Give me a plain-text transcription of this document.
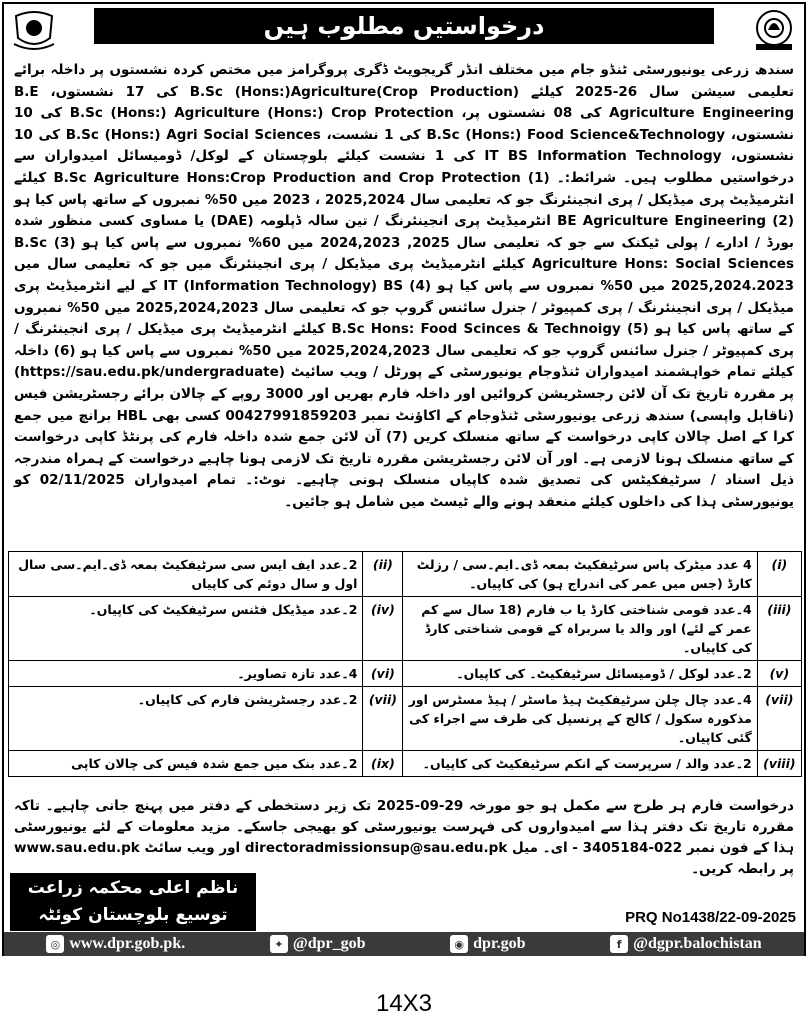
درخواستیں مطلوب ہیں

سندھ زرعی یونیورسٹی ٹنڈو جام میں مختلف انڈر گریجویٹ ڈگری پروگرامز میں مختص کردہ نشستوں پر داخلہ برائے تعلیمی سیشن سال 26-2025 کیلئے B.Sc (Hons:)Agriculture(Crop Production) کی 17 نشستوں، B.E Agriculture Engineering کی 08 نشستوں پر، B.Sc (Hons:) Agriculture (Hons:) Crop Protection کی 10 نشستوں، B.Sc (Hons:) Food Science&Technology کی 1 نشست، B.Sc (Hons:) Agri Social Sciences کی 10 نشستوں، IT BS Information Technology کی 1 نشست کیلئے بلوچستان کے لوکل/ ڈومیسائل امیدواران سے درخواستیں مطلوب ہیں۔ شرائط:۔ (1) B.Sc Agriculture Hons:Crop Production and Crop Protection کیلئے انٹرمیڈیٹ پری میڈیکل / پری انجینئرنگ جو کہ تعلیمی سال 2025,2024 ، 2023 میں 50% نمبروں کے ساتھ پاس کیا ہو (2) BE Agriculture Engineering انٹرمیڈیٹ پری انجینئرنگ / تین سالہ ڈپلومہ (DAE) یا مساوی کسی منظور شدہ بورڈ / ادارے / پولی ٹیکنک سے جو کہ تعلیمی سال 2025, 2024,2023 میں 60% نمبروں سے پاس کیا ہو (3) B.Sc Agriculture Hons: Social Sciences کیلئے انٹرمیڈیٹ پری میڈیکل / پری انجینئرنگ میں جو کہ تعلیمی سال میں 2025,2024.2023 میں 50% نمبروں سے پاس کیا ہو (4) IT (Information Technology) BS کے لیے انٹرمیڈیٹ پری میڈیکل / پری انجینئرنگ / پری کمپیوٹر / جنرل سائنس گروپ جو کہ تعلیمی سال 2025,2024,2023 میں 50% نمبروں کے ساتھ پاس کیا ہو (5) B.Sc Hons: Food Scinces & Technoigy کیلئے انٹرمیڈیٹ پری میڈیکل / پری انجینئرنگ / پری کمپیوٹر / جنرل سائنس گروپ جو کہ تعلیمی سال 2025,2024,2023 میں 50% نمبروں سے پاس کیا ہو (6) داخلہ کیلئے تمام خواہشمند امیدواران ٹنڈوجام یونیورسٹی کے پورٹل / ویب سائیٹ (https://sau.edu.pk/undergraduate) پر مقررہ تاریخ تک آن لائن رجسٹریشن کروائیں اور داخلہ فارم بھریں اور 3000 روپے کے چالان برائے رجسٹریشن فیس (ناقابل واپسی) سندھ زرعی یونیورسٹی ٹنڈوجام کے اکاؤنٹ نمبر 00427991859203 کسی بھی HBL برانچ میں جمع کرا کے اصل چالان کاپی درخواست کے ساتھ منسلک کریں (7) آن لائن جمع شدہ داخلہ فارم کی پرنٹڈ کاپی درخواست کے ساتھ منسلک ہونا لازمی ہے۔ اور آن لائن رجسٹریشن مقررہ تاریخ تک لازمی ہونا چاہیے درخواست کے ہمراہ مندرجہ ذیل اسناد / سرٹیفکیٹس کی تصدیق شدہ کاپیاں منسلک ہونی چاہیے۔ نوٹ:۔ تمام امیدواران 02/11/2025 کو یونیورسٹی ہذا کی داخلوں کیلئے منعقد ہونے والے ٹیسٹ میں شامل ہو جائیں۔

(i)	4 عدد میٹرک پاس سرٹیفکیٹ بمعہ ڈی۔ایم۔سی / رزلٹ کارڈ (جس میں عمر کی اندراج ہو) کی کاپیاں۔	(ii)	2۔عدد ایف ایس سی سرٹیفکیٹ بمعہ ڈی۔ایم۔سی سال اول و سال دوئم کی کاپیاں
(iii)	4۔عدد قومی شناختی کارڈ یا ب فارم (18 سال سے کم عمر کے لئے) اور والد یا سربراہ کے قومی شناختی کارڈ کی کاپیاں۔	(iv)	2۔عدد میڈیکل فٹنس سرٹیفکیٹ کی کاپیاں۔
(v)	2۔عدد لوکل / ڈومیسائل سرٹیفکیٹ۔ کی کاپیاں۔	(vi)	4۔عدد تازہ تصاویر۔
(vii)	4۔عدد چال چلن سرٹیفکیٹ ہیڈ ماسٹر / ہیڈ مسٹرس اور مذکورہ سکول / کالج کے پرنسپل کی طرف سے اجراء کی گئی کاپیاں۔	(vii)	2۔عدد رجسٹریشن فارم کی کاپیاں۔
(viii)	2۔عدد والد / سرپرست کے انکم سرٹیفکیٹ کی کاپیاں۔	(ix)	2۔عدد بنک میں جمع شدہ فیس کی چالان کاپی

درخواست فارم ہر طرح سے مکمل ہو جو مورخہ 29-09-2025 تک زیر دستخطی کے دفتر میں پہنچ جانی چاہیے۔ تاکہ مقررہ تاریخ تک دفتر ہذا سے امیدواروں کی فہرست یونیورسٹی کو بھیجی جاسکے۔ مزید معلومات کے لئے یونیورسٹی ہذا کے فون نمبر 022-3405184 - ای۔ میل directoradmissionsup@sau.edu.pk اور ویب سائٹ www.sau.edu.pk پر رابطہ کریں۔

ناظم اعلی محکمہ زراعت
توسیع بلوچستان کوئٹہ	PRQ No1438/22-09-2025
◎ www.dpr.gob.pk.	✦ @dpr_gob	◉ dpr.gob	f @dgpr.balochistan
14X3
